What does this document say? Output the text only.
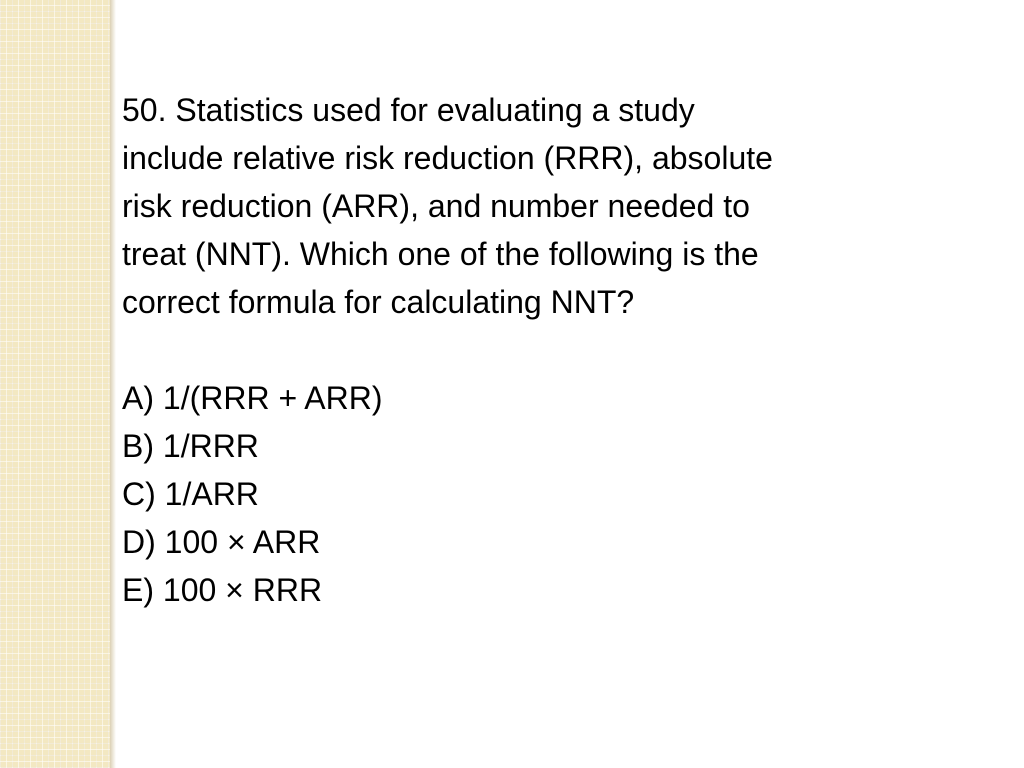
50. Statistics used for evaluating a study
include relative risk reduction (RRR), absolute
risk reduction (ARR), and number needed to
treat (NNT). Which one of the following is the
correct formula for calculating NNT?

A) 1/(RRR + ARR)
B) 1/RRR
C) 1/ARR
D) 100 × ARR
E) 100 × RRR
